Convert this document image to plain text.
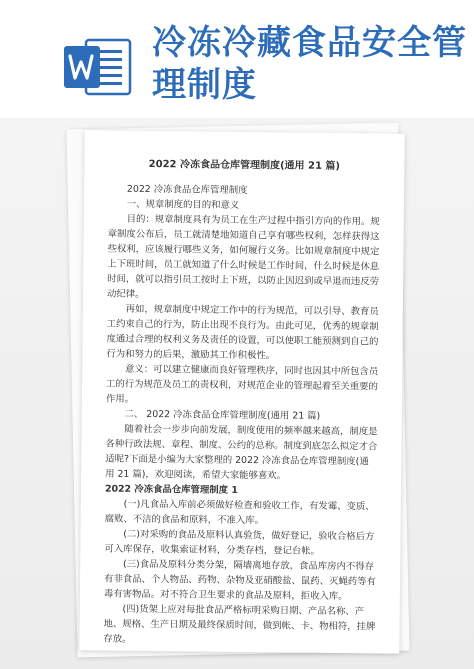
冷冻冷藏食品安全管理制度
2022 冷冻食品仓库管理制度(通用 21 篇)

2022 冷冻食品仓库管理制度

一、规章制度的目的和意义

目的：规章制度具有为员工在生产过程中指引方向的作用。规章制度公布后，员工就清楚地知道自己享有哪些权利，怎样获得这些权利，应该履行哪些义务，如何履行义务。比如规章制度中规定上下班时间，员工就知道了什么时候是工作时间，什么时候是休息时间，就可以指引员工按时上下班，以防止因迟到或早退而违反劳动纪律。

再如，规章制度中规定工作中的行为规范，可以引导、教育员工约束自己的行为，防止出现不良行为。由此可见，优秀的规章制度通过合理的权利义务及责任的设置，可以使职工能预测到自己的行为和努力的后果，激励其工作积极性。

意义：可以建立健康而良好管理秩序，同时也因其中所包含员工的行为规范及员工的责权利，对规范企业的管理起着至关重要的作用。

二、 2022 冷冻食品仓库管理制度(通用 21 篇)

随着社会一步步向前发展，制度使用的频率越来越高，制度是各种行政法规、章程、制度、公约的总称。制度到底怎么拟定才合适呢?下面是小编为大家整理的 2022 冷冻食品仓库管理制度(通用 21 篇)，欢迎阅读，希望大家能够喜欢。

2022 冷冻食品仓库管理制度 1

(一)凡食品入库前必须做好检查和验收工作，有发霉、变质、腐败、不洁的食品和原料，不准入库。

(二)对采购的食品及原料认真验货，做好登记，验收合格后方可入库保存，收集索证材料，分类存档，登记台帐。

(三)食品及原料分类分架，隔墙离地存放，食品库房内不得存有非食品、个人物品、药物、杂物及亚硝酸盐、鼠药、灭蝇药等有毒有害物品。对不符合卫生要求的食品及原料，拒收入库。

(四)货架上应对每批食品严格标明采购日期、产品名称、产地、规格、生产日期及最终保质时间，做到帐、卡、物相符，挂牌存放。
